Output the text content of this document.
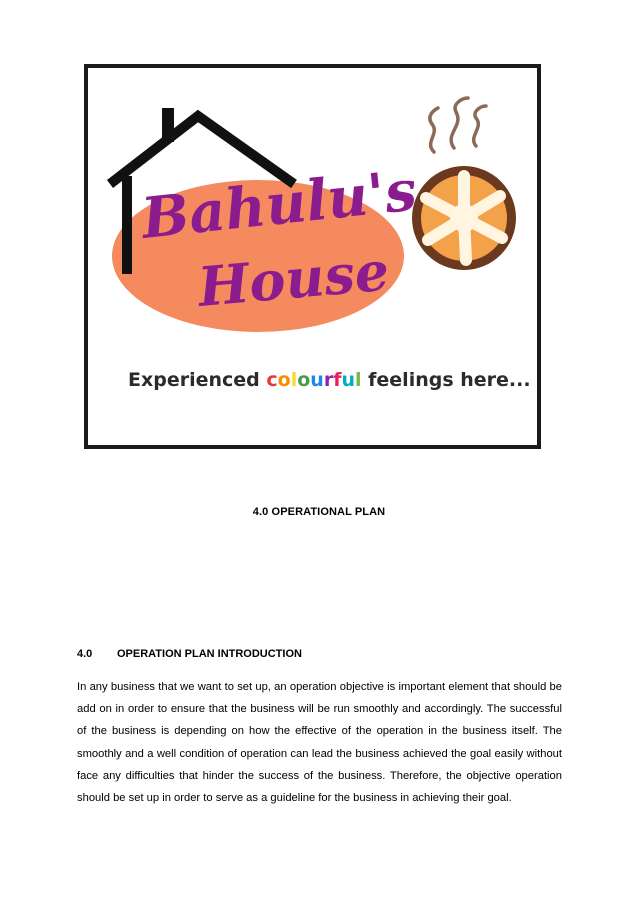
Bahulu's
House
Experienced colourful feelings here...
4.0 OPERATIONAL PLAN
4.0 OPERATION PLAN INTRODUCTION

In any business that we want to set up, an operation objective is important element that should be add on in order to ensure that the business will be run smoothly and accordingly. The successful of the business is depending on how the effective of the operation in the business itself. The smoothly and a well condition of operation can lead the business achieved the goal easily without face any difficulties that hinder the success of the business. Therefore, the objective operation should be set up in order to serve as a guideline for the business in achieving their goal.
